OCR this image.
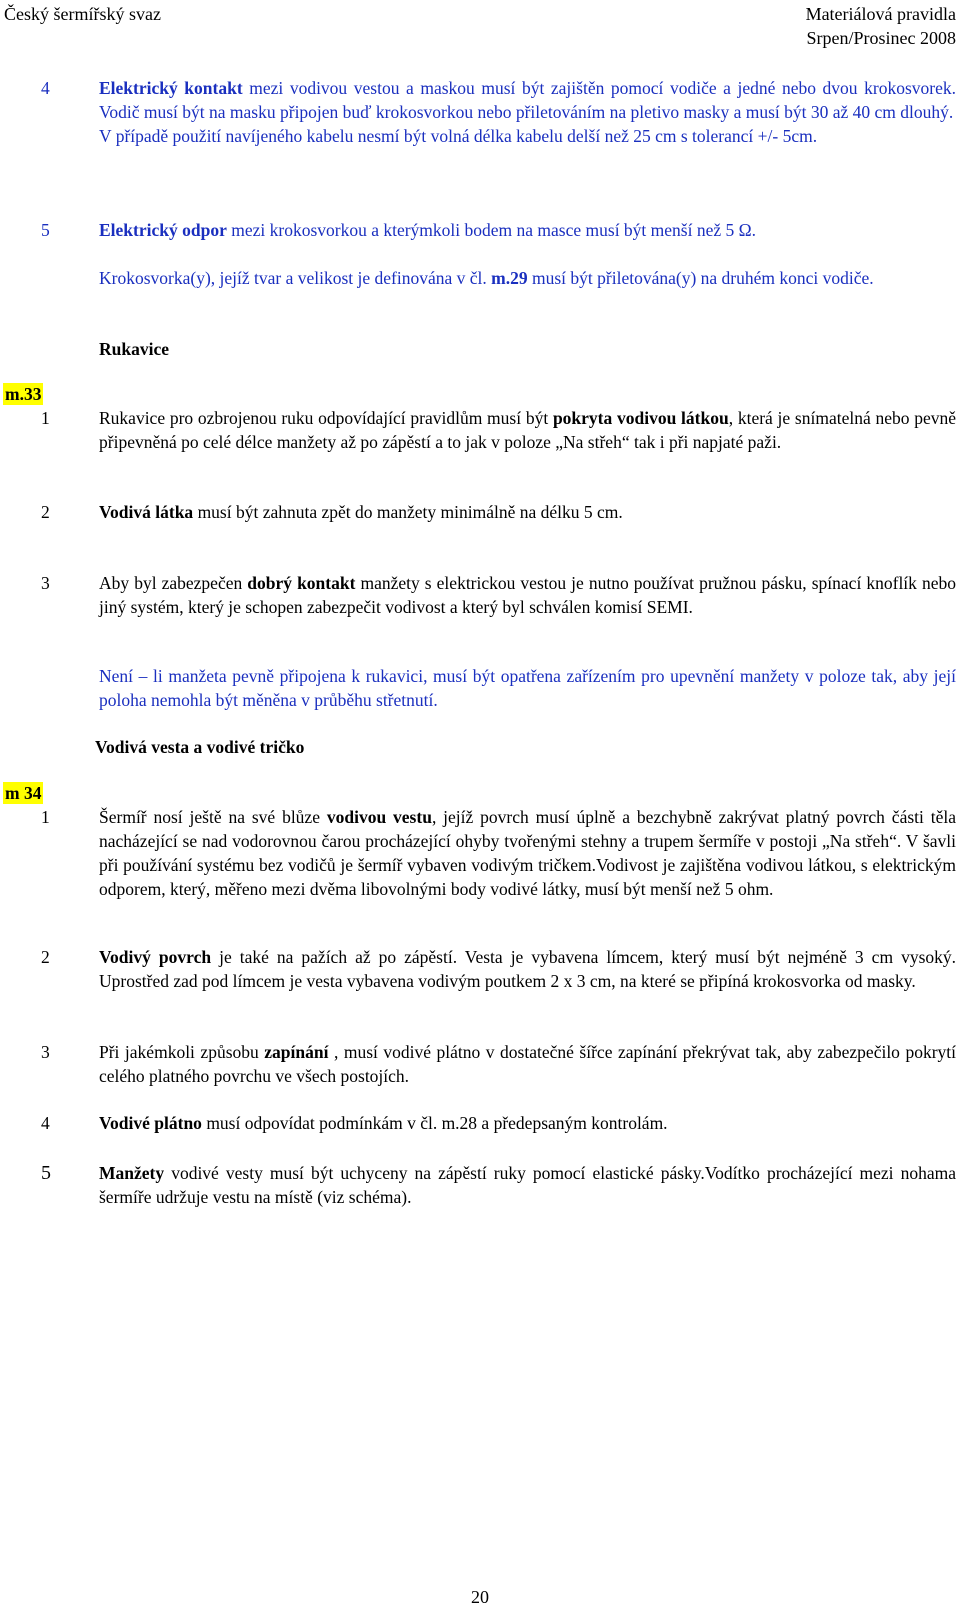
Český šermířský svaz	Materiálová pravidla
Srpen/Prosinec 2008
4	Elektrický kontakt mezi vodivou vestou a maskou musí být zajištěn pomocí vodiče a jedné nebo dvou krokosvorek. Vodič musí být na masku připojen buď krokosvorkou nebo přiletováním na pletivo masky a musí být 30 až 40 cm dlouhý.
V případě použití navíjeného kabelu nesmí být volná délka kabelu delší než 25 cm s tolerancí +/- 5cm.
5	Elektrický odpor mezi krokosvorkou a kterýmkoli bodem na masce musí být menší než 5 Ω.
Krokosvorka(y), jejíž tvar a velikost je definována v čl. m.29 musí být přiletována(y) na druhém konci vodiče.
Rukavice
m.33
1	Rukavice pro ozbrojenou ruku odpovídající pravidlům musí být pokryta vodivou látkou, která je snímatelná nebo pevně připevněná po celé délce manžety až po zápěstí a to jak v poloze „Na střeh“ tak i při napjaté paži.
2	Vodivá látka musí být zahnuta zpět do manžety minimálně na délku 5 cm.
3	Aby byl zabezpečen dobrý kontakt manžety s elektrickou vestou je nutno používat pružnou pásku, spínací knoflík nebo jiný systém, který je schopen zabezpečit vodivost a který byl schválen komisí SEMI.
Není – li manžeta pevně připojena k rukavici, musí být opatřena zařízením pro upevnění manžety v poloze tak, aby její poloha nemohla být měněna v průběhu střetnutí.
Vodivá vesta a vodivé tričko
m 34
1	Šermíř nosí ještě na své blůze vodivou vestu, jejíž povrch musí úplně a bezchybně zakrývat platný povrch části těla nacházející se nad vodorovnou čarou procházející ohyby tvořenými stehny a trupem šermíře v postoji „Na střeh“. V šavli při používání systému bez vodičů je šermíř vybaven vodivým tričkem.Vodivost je zajištěna vodivou látkou, s elektrickým odporem, který, měřeno mezi dvěma libovolnými body vodivé látky, musí být menší než 5 ohm.
2	Vodivý povrch je také na pažích až po zápěstí. Vesta je vybavena límcem, který musí být nejméně 3 cm vysoký. Uprostřed zad pod límcem je vesta vybavena vodivým poutkem 2 x 3 cm, na které se připíná krokosvorka od masky.
3	Při jakémkoli způsobu zapínání , musí vodivé plátno v dostatečné šířce zapínání překrývat tak, aby zabezpečilo pokrytí celého platného povrchu ve všech postojích.
4	Vodivé plátno musí odpovídat podmínkám v čl. m.28 a předepsaným kontrolám.
5	Manžety vodivé vesty musí být uchyceny na zápěstí ruky pomocí elastické pásky.Vodítko procházející mezi nohama šermíře udržuje vestu na místě (viz schéma).
20
